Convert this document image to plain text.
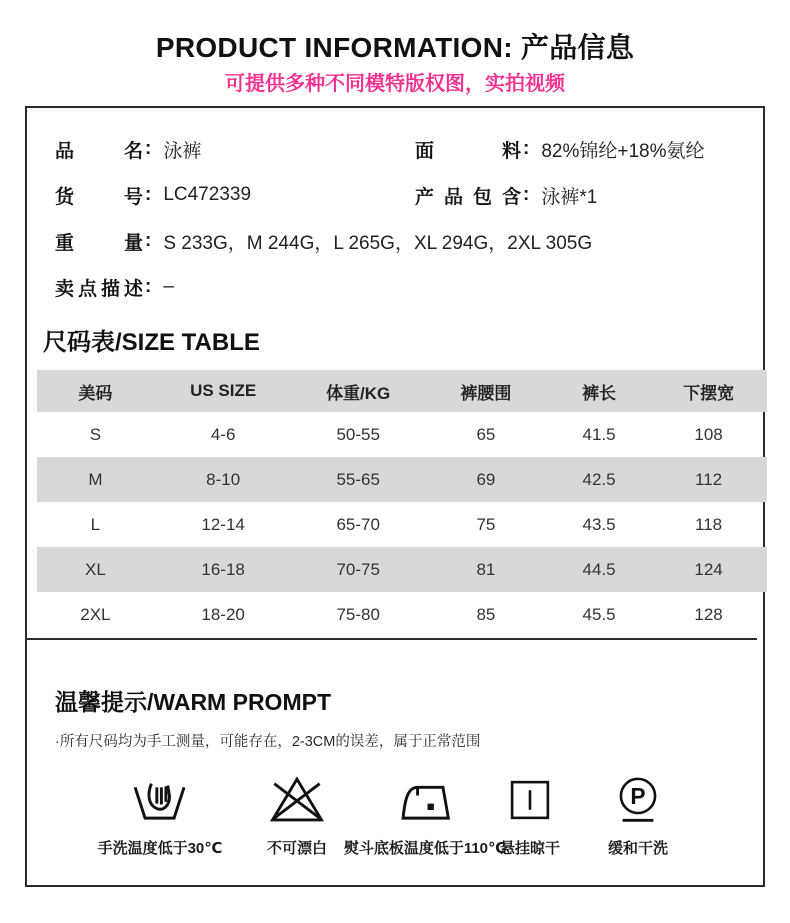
PRODUCT INFORMATION: 产品信息
可提供多种不同模特版权图，实拍视频
品名 : 泳裤	面料 : 82%锦纶+18%氨纶
货号 : LC472339	产品包含 : 泳裤*1
重量 : S 233G，M 244G，L 265G，XL 294G，2XL 305G
卖点描述 : –
尺码表/SIZE TABLE
美码	US SIZE	体重/KG	裤腰围	裤长	下摆宽
S	4-6	50-55	65	41.5	108
M	8-10	55-65	69	42.5	112
L	12-14	65-70	75	43.5	118
XL	16-18	70-75	81	44.5	124
2XL	18-20	75-80	85	45.5	128
温馨提示/WARM PROMPT
·所有尺码均为手工测量，可能存在，2-3CM的误差，属于正常范围
手洗温度低于30℃	不可漂白 熨斗底板温度低于110℃
悬挂晾干
P
缓和干洗
